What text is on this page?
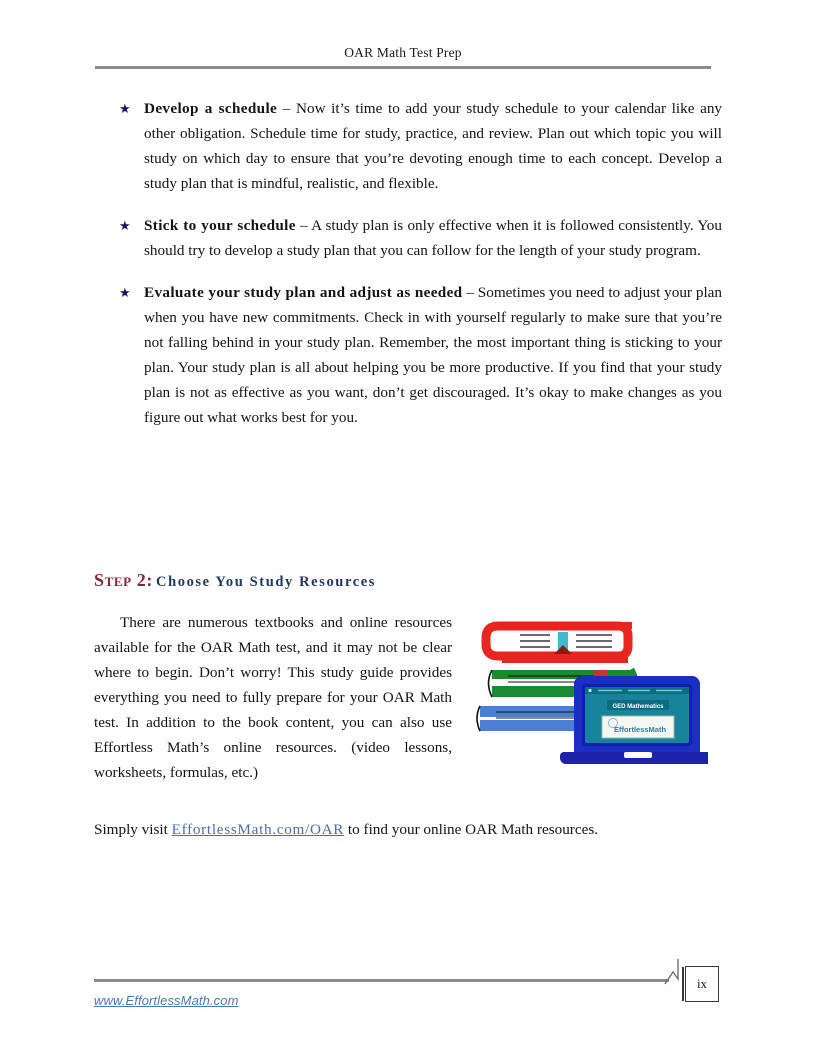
OAR Math Test Prep
★ Develop a schedule – Now it’s time to add your study schedule to your calendar like any other obligation. Schedule time for study, practice, and review. Plan out which topic you will study on which day to ensure that you’re devoting enough time to each concept. Develop a study plan that is mindful, realistic, and flexible.
★ Stick to your schedule – A study plan is only effective when it is followed consistently. You should try to develop a study plan that you can follow for the length of your study program.
★ Evaluate your study plan and adjust as needed – Sometimes you need to adjust your plan when you have new commitments. Check in with yourself regularly to make sure that you’re not falling behind in your study plan. Remember, the most important thing is sticking to your plan. Your study plan is all about helping you be more productive. If you find that your study plan is not as effective as you want, don’t get discouraged. It’s okay to make changes as you figure out what works best for you.
Step 2: Choose You Study Resources
There are numerous textbooks and online resources available for the OAR Math test, and it may not be clear where to begin. Don’t worry! This study guide provides everything you need to fully prepare for your OAR Math test. In addition to the book content, you can also use Effortless Math’s online resources. (video lessons, worksheets, formulas, etc.)
GED Mathematics
EffortlessMath
Simply visit EffortlessMath.com/OAR to find your online OAR Math resources.
ix
www.EffortlessMath.com
